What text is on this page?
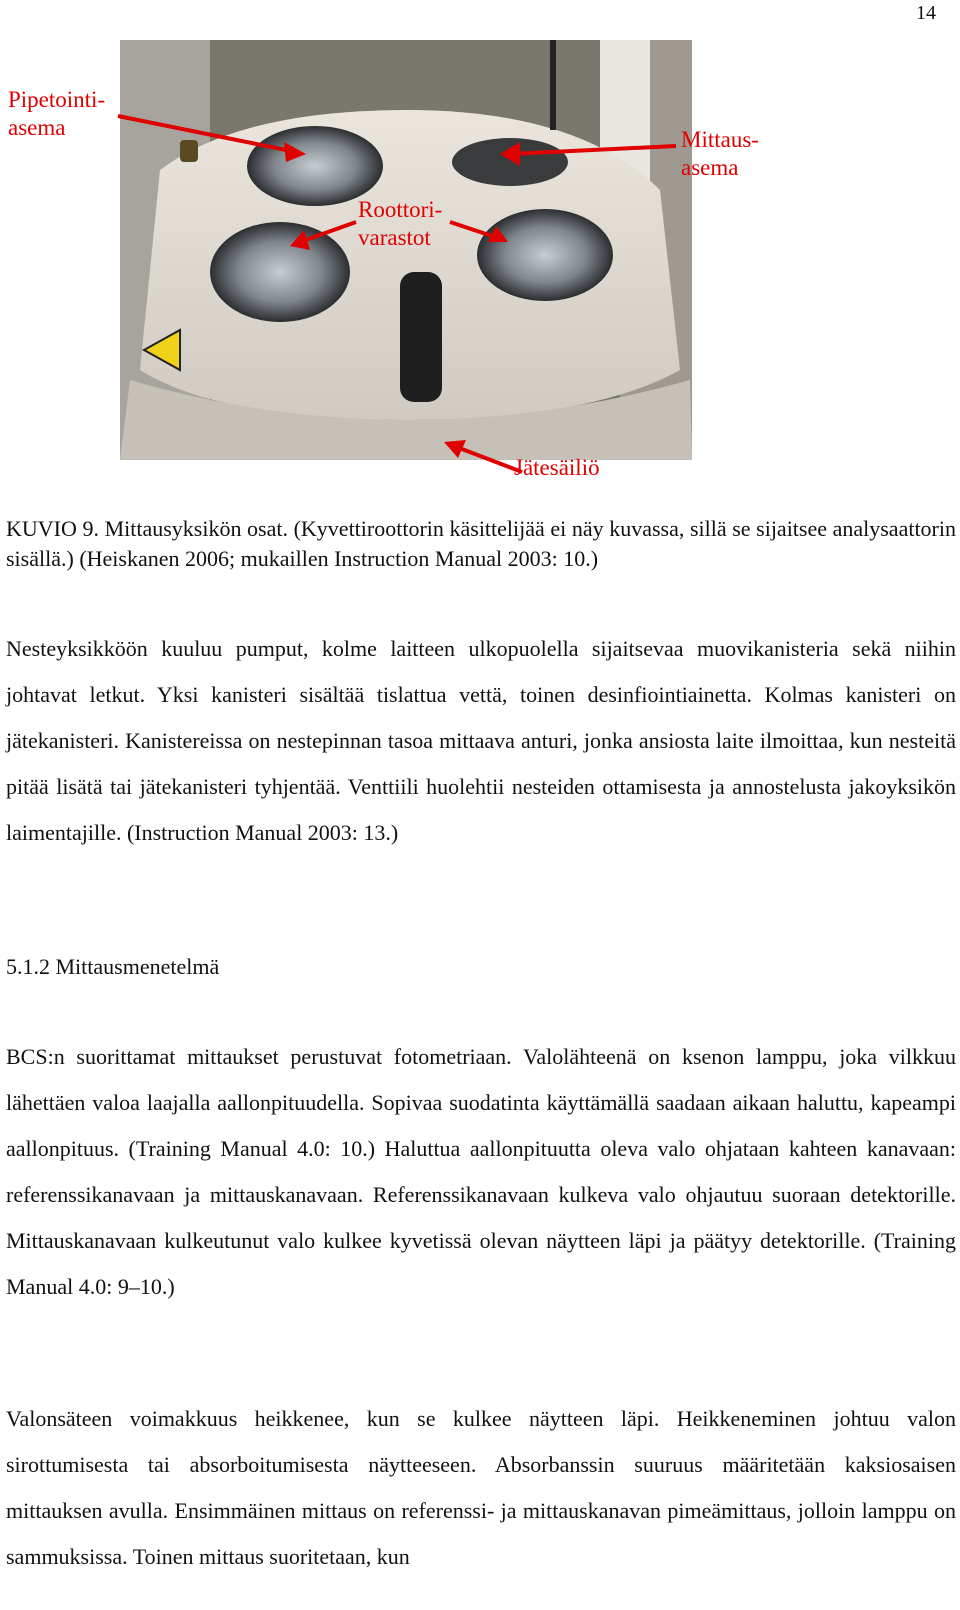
14
Pipetointi-
asema	Mittaus-
asema
Roottori-
varastot
Jätesäiliö
KUVIO 9. Mittausyksikön osat. (Kyvettiroottorin käsittelijää ei näy kuvassa, sillä se sijaitsee analysaattorin sisällä.) (Heiskanen 2006; mukaillen Instruction Manual 2003: 10.)
Nesteyksikköön kuuluu pumput, kolme laitteen ulkopuolella sijaitsevaa muovikanisteria sekä niihin johtavat letkut. Yksi kanisteri sisältää tislattua vettä, toinen desinfiointiainetta. Kolmas kanisteri on jätekanisteri. Kanistereissa on nestepinnan tasoa mittaava anturi, jonka ansiosta laite ilmoittaa, kun nesteitä pitää lisätä tai jätekanisteri tyhjentää. Venttiili huolehtii nesteiden ottamisesta ja annostelusta jakoyksikön laimentajille. (Instruction Manual 2003: 13.)
5.1.2 Mittausmenetelmä
BCS:n suorittamat mittaukset perustuvat fotometriaan. Valolähteenä on ksenon lamppu, joka vilkkuu lähettäen valoa laajalla aallonpituudella. Sopivaa suodatinta käyttämällä saadaan aikaan haluttu, kapeampi aallonpituus. (Training Manual 4.0: 10.) Haluttua aallonpituutta oleva valo ohjataan kahteen kanavaan: referenssikanavaan ja mittauskanavaan. Referenssikanavaan kulkeva valo ohjautuu suoraan detektorille. Mittauskanavaan kulkeutunut valo kulkee kyvetissä olevan näytteen läpi ja päätyy detektorille. (Training Manual 4.0: 9–10.)
Valonsäteen voimakkuus heikkenee, kun se kulkee näytteen läpi. Heikkeneminen johtuu valon sirottumisesta tai absorboitumisesta näytteeseen. Absorbanssin suuruus määritetään kaksiosaisen mittauksen avulla. Ensimmäinen mittaus on referenssi- ja mittauskanavan pimeämittaus, jolloin lamppu on sammuksissa. Toinen mittaus suoritetaan, kun
